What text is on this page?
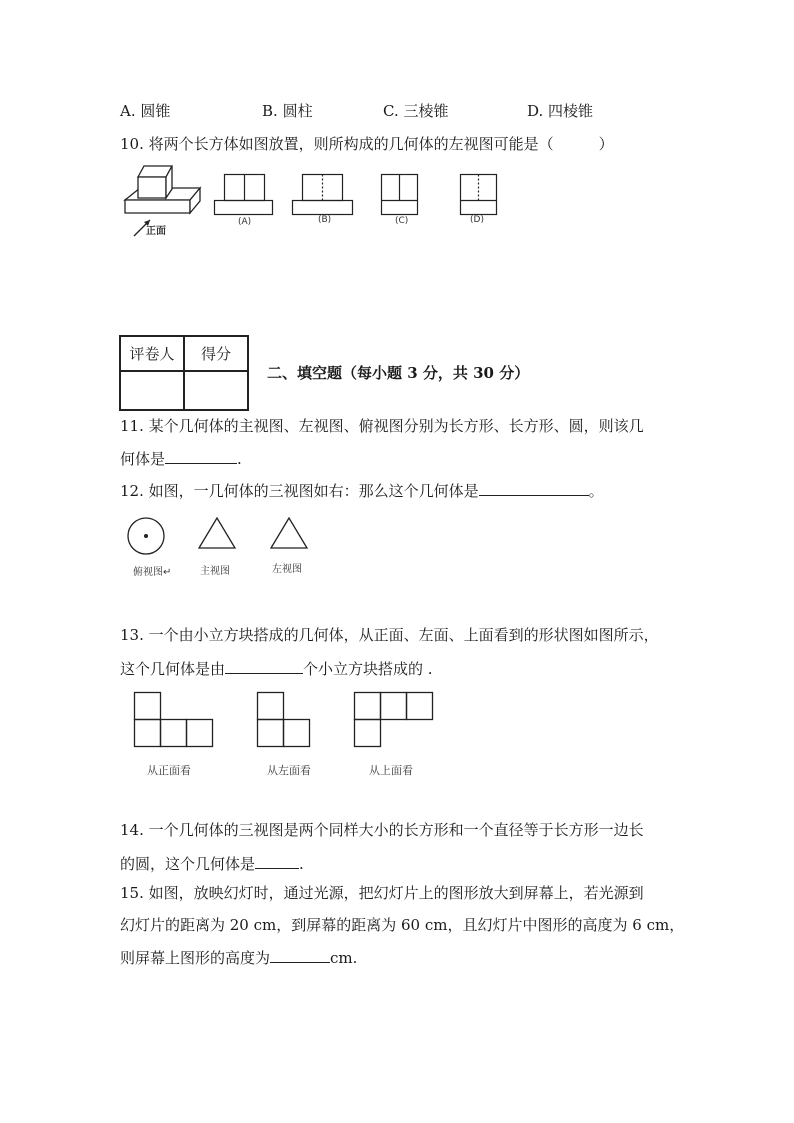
A. 圆锥	B. 圆柱	C. 三棱锥	D. 四棱锥
10. 将两个长方体如图放置，则所构成的几何体的左视图可能是（　　　）
正面
(A)	(B)	(C)	(D)
评卷人	得分

二、填空题（每小题 3 分，共 30 分）
11. 某个几何体的主视图、左视图、俯视图分别为长方形、长方形、圆，则该几
何体是	.
12. 如图，一几何体的三视图如右：那么这个几何体是	。
俯视图↵	主视图	左视图
13. 一个由小立方块搭成的几何体，从正面、左面、上面看到的形状图如图所示，
这个几何体是由	个小立方块搭成的 .
从正面看	从左面看	从上面看
14. 一个几何体的三视图是两个同样大小的长方形和一个直径等于长方形一边长
的圆，这个几何体是	.
15. 如图，放映幻灯时，通过光源，把幻灯片上的图形放大到屏幕上，若光源到
幻灯片的距离为 20 cm，到屏幕的距离为 60 cm，且幻灯片中图形的高度为 6 cm，
则屏幕上图形的高度为	cm.
